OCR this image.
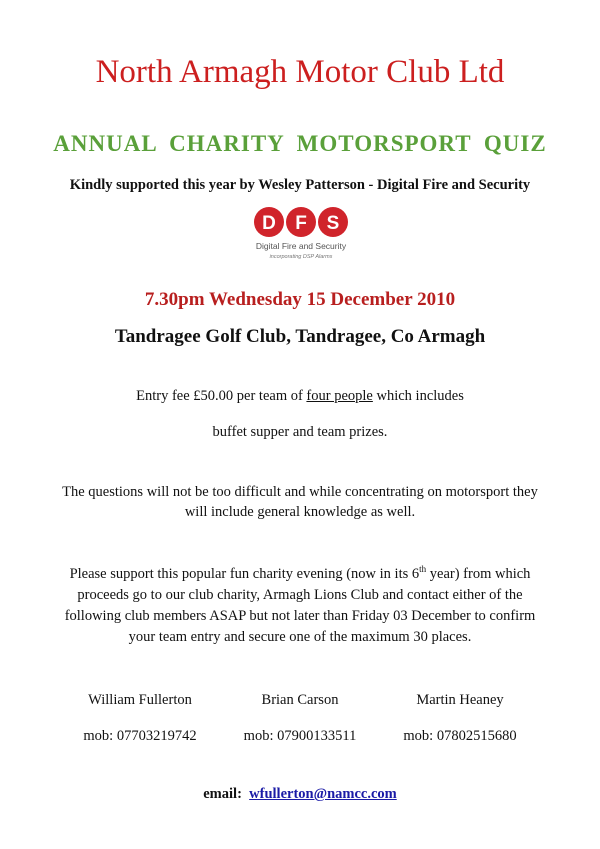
North Armagh Motor Club Ltd
ANNUAL CHARITY MOTORSPORT QUIZ
Kindly supported this year by Wesley Patterson - Digital Fire and Security
D F S
Digital Fire and Security
incorporating DSP Alarms
7.30pm Wednesday 15 December 2010
Tandragee Golf Club, Tandragee, Co Armagh
Entry fee £50.00 per team of four people which includes
buffet supper and team prizes.
The questions will not be too difficult and while concentrating on motorsport they
will include general knowledge as well.
Please support this popular fun charity evening (now in its 6th year) from which
proceeds go to our club charity, Armagh Lions Club and contact either of the
following club members ASAP but not later than Friday 03 December to confirm
your team entry and secure one of the maximum 30 places.
William Fullerton
mob: 07703219742
Brian Carson
mob: 07900133511
Martin Heaney
mob: 07802515680
email:  wfullerton@namcc.com
